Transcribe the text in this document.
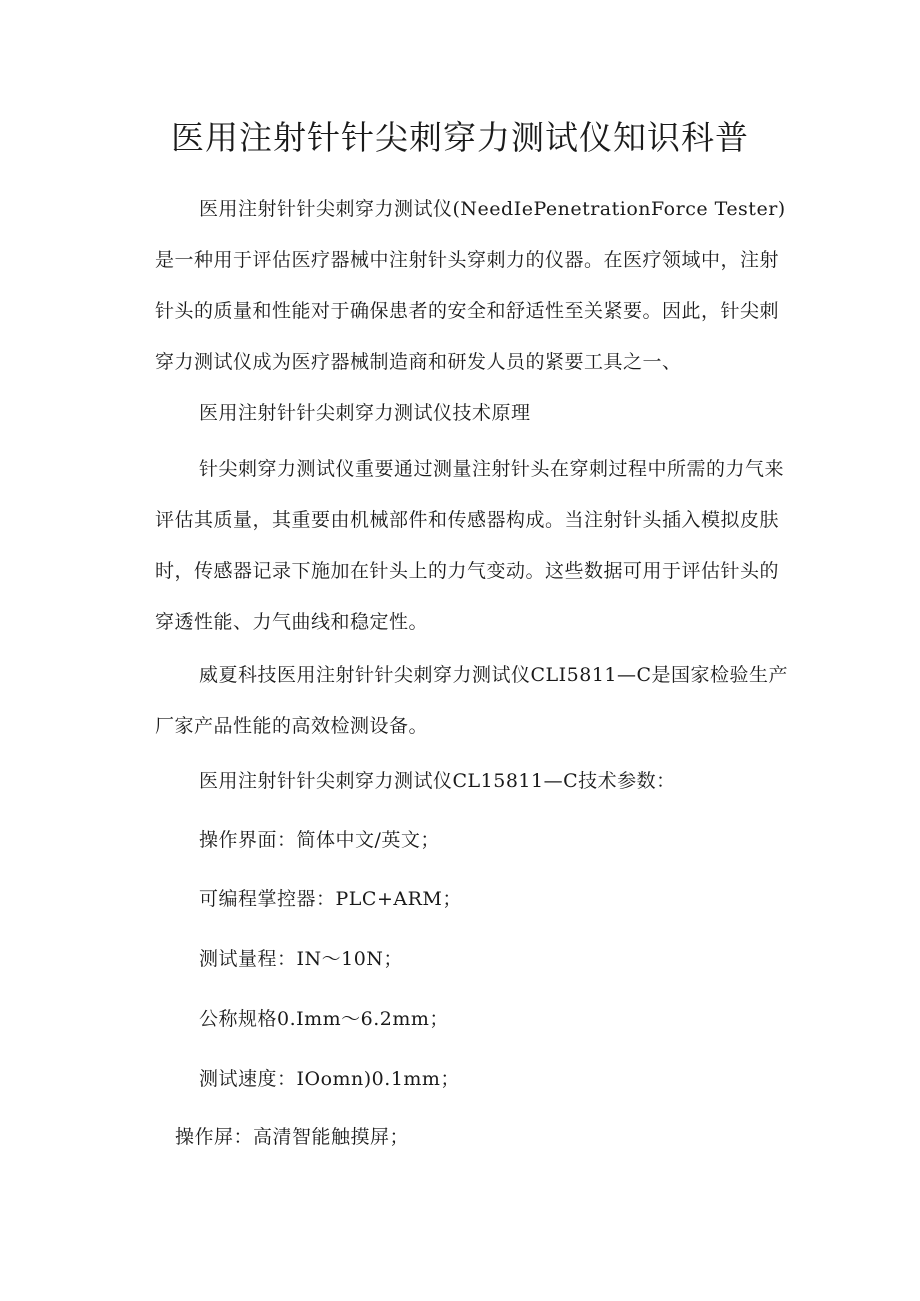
医用注射针针尖刺穿力测试仪知识科普

医用注射针针尖刺穿力测试仪(NeedIePenetrationForce Tester)是一种用于评估医疗器械中注射针头穿刺力的仪器。在医疗领域中，注射针头的质量和性能对于确保患者的安全和舒适性至关紧要。因此，针尖刺穿力测试仪成为医疗器械制造商和研发人员的紧要工具之一、

医用注射针针尖刺穿力测试仪技术原理

针尖刺穿力测试仪重要通过测量注射针头在穿刺过程中所需的力气来评估其质量，其重要由机械部件和传感器构成。当注射针头插入模拟皮肤时，传感器记录下施加在针头上的力气变动。这些数据可用于评估针头的穿透性能、力气曲线和稳定性。

威夏科技医用注射针针尖刺穿力测试仪CLI5811—C是国家检验生产厂家产品性能的高效检测设备。

医用注射针针尖刺穿力测试仪CL15811—C技术参数：

操作界面：简体中文/英文；

可编程掌控器：PLC+ARM；

测试量程：IN～10N；

公称规格0.Imm～6.2mm；

测试速度：IOomn)0.1mm；

操作屏：高清智能触摸屏；
